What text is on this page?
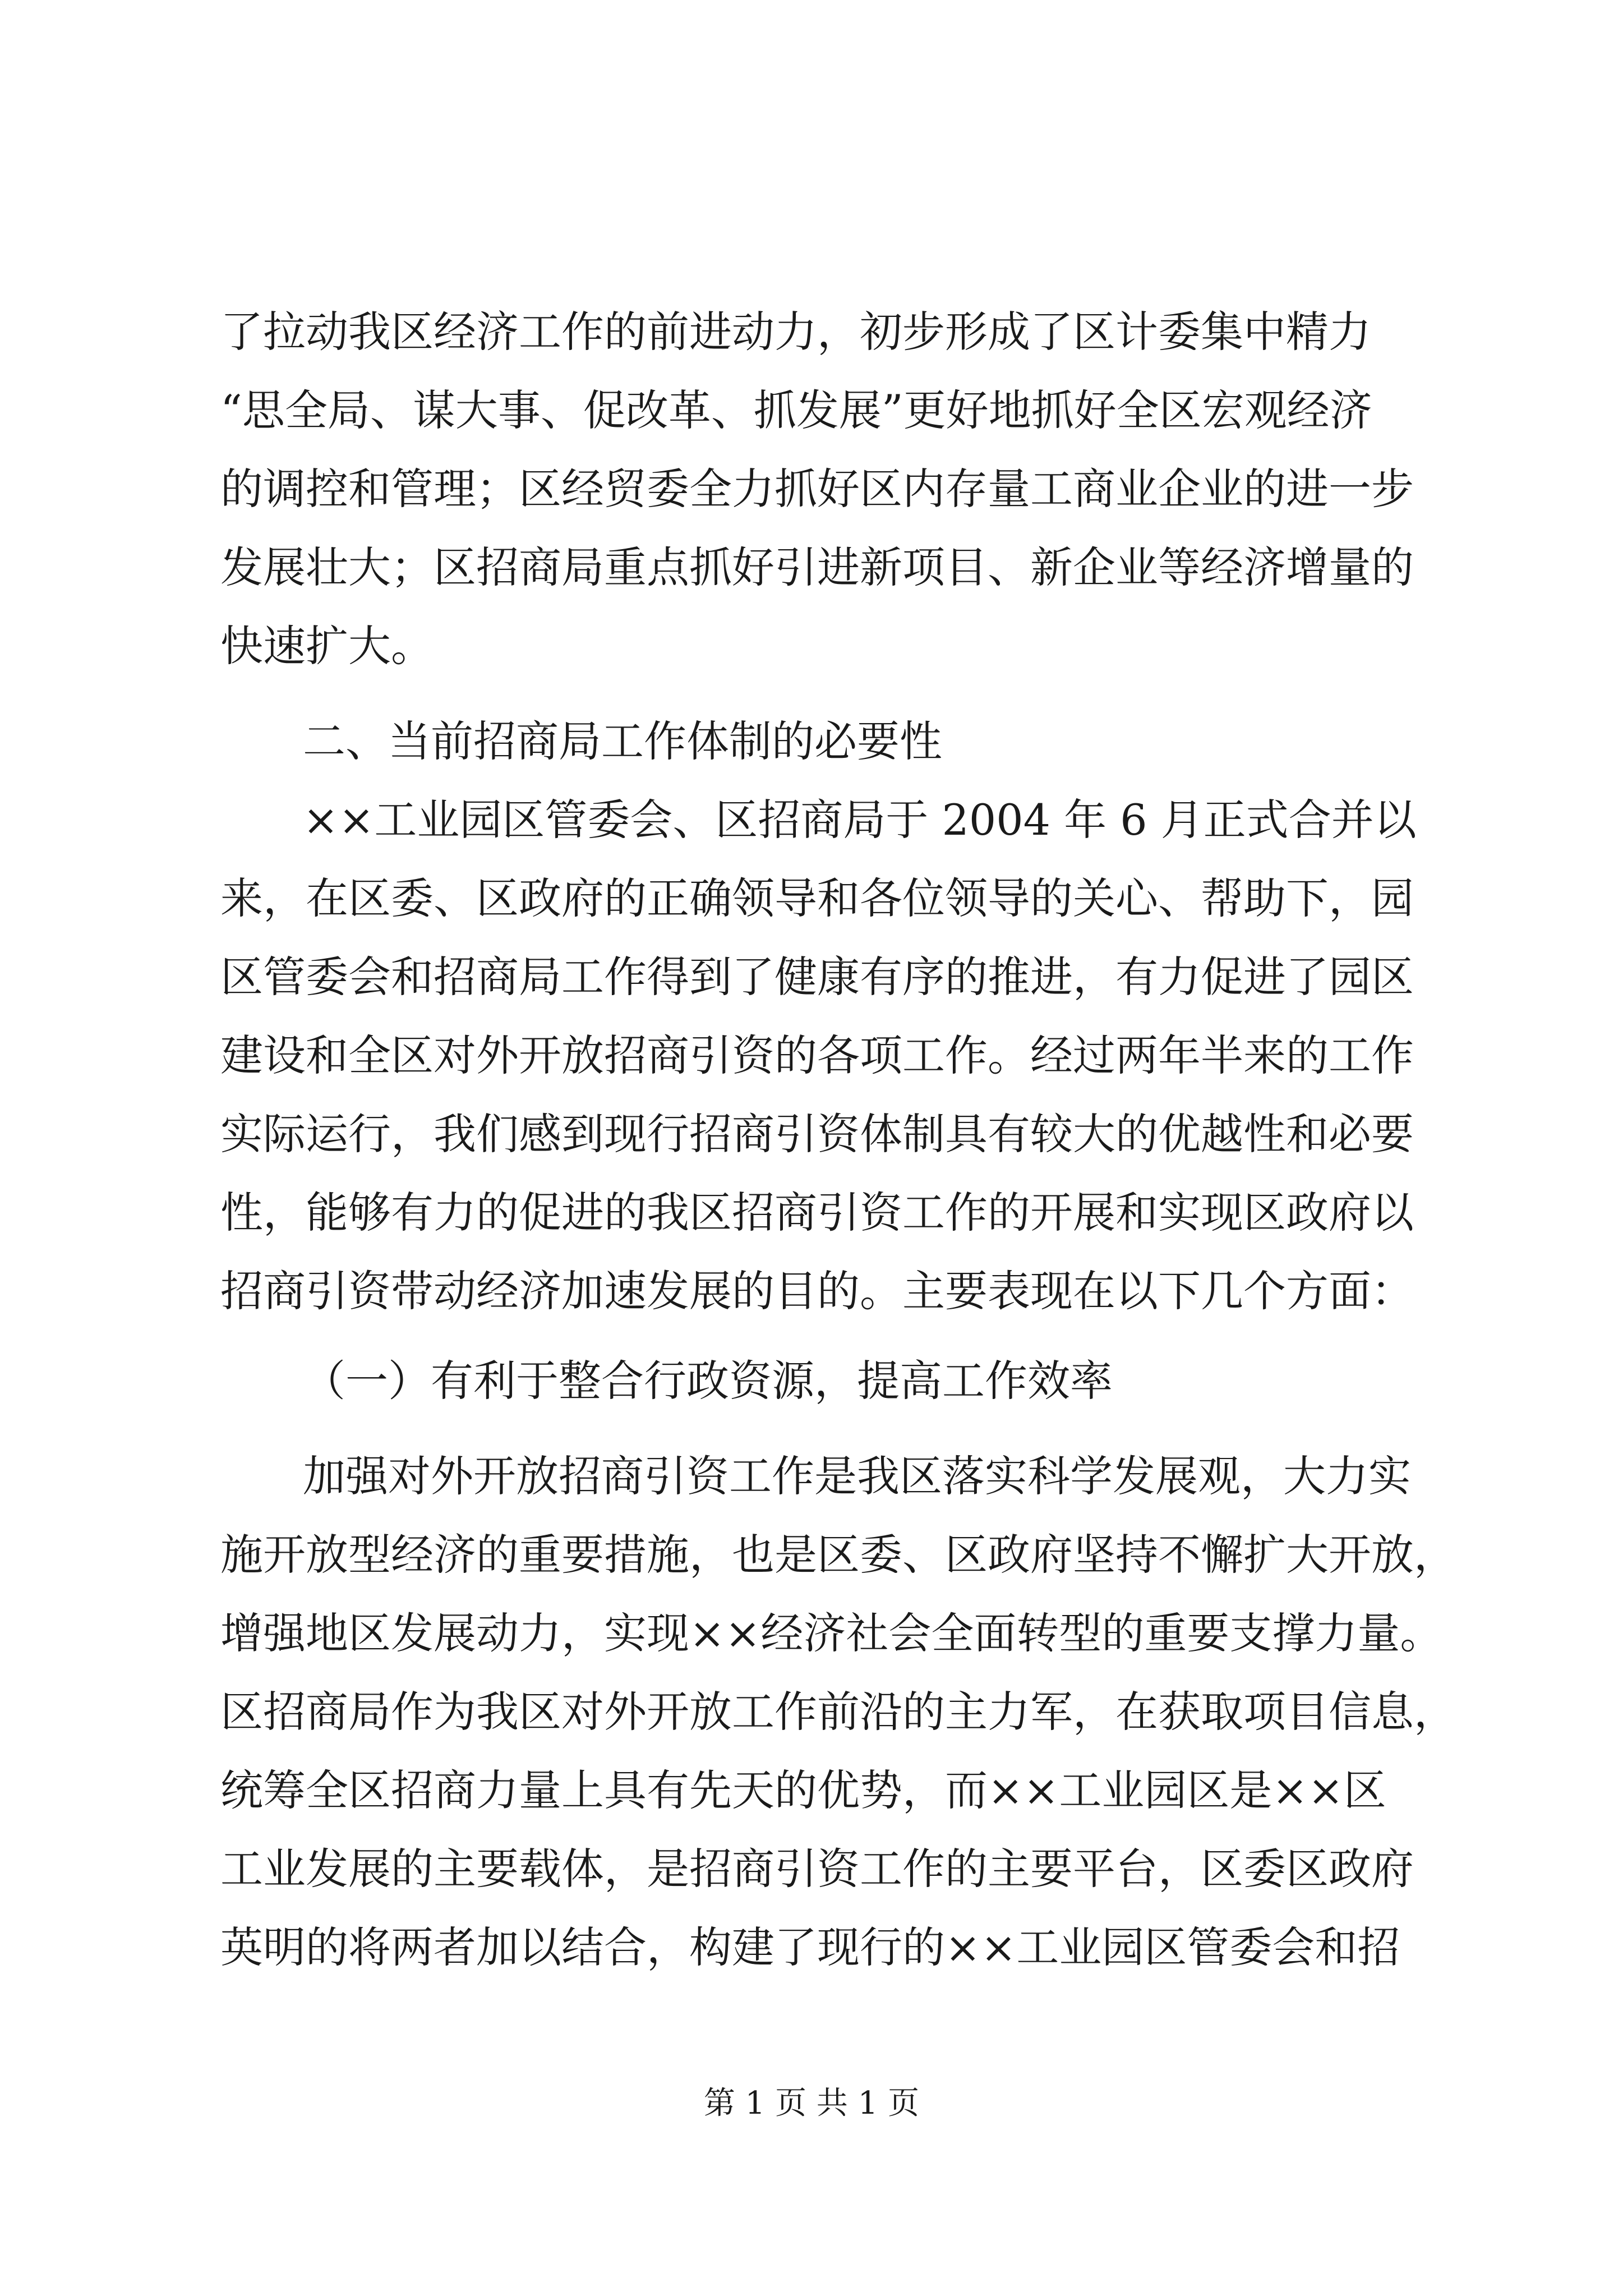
了拉动我区经济工作的前进动力，初步形成了区计委集中精力
“思全局、谋大事、促改革、抓发展”更好地抓好全区宏观经济
的调控和管理；区经贸委全力抓好区内存量工商业企业的进一步
发展壮大；区招商局重点抓好引进新项目、新企业等经济增量的
快速扩大。
二、当前招商局工作体制的必要性
××工业园区管委会、区招商局于 2004 年 6 月正式合并以
来，在区委、区政府的正确领导和各位领导的关心、帮助下，园
区管委会和招商局工作得到了健康有序的推进，有力促进了园区
建设和全区对外开放招商引资的各项工作。经过两年半来的工作
实际运行，我们感到现行招商引资体制具有较大的优越性和必要
性，能够有力的促进的我区招商引资工作的开展和实现区政府以
招商引资带动经济加速发展的目的。主要表现在以下几个方面：
（一）有利于整合行政资源，提高工作效率
加强对外开放招商引资工作是我区落实科学发展观，大力实
施开放型经济的重要措施，也是区委、区政府坚持不懈扩大开放，
增强地区发展动力，实现××经济社会全面转型的重要支撑力量。
区招商局作为我区对外开放工作前沿的主力军，在获取项目信息，
统筹全区招商力量上具有先天的优势，而××工业园区是××区
工业发展的主要载体，是招商引资工作的主要平台，区委区政府
英明的将两者加以结合，构建了现行的××工业园区管委会和招
第 1 页 共 1 页
